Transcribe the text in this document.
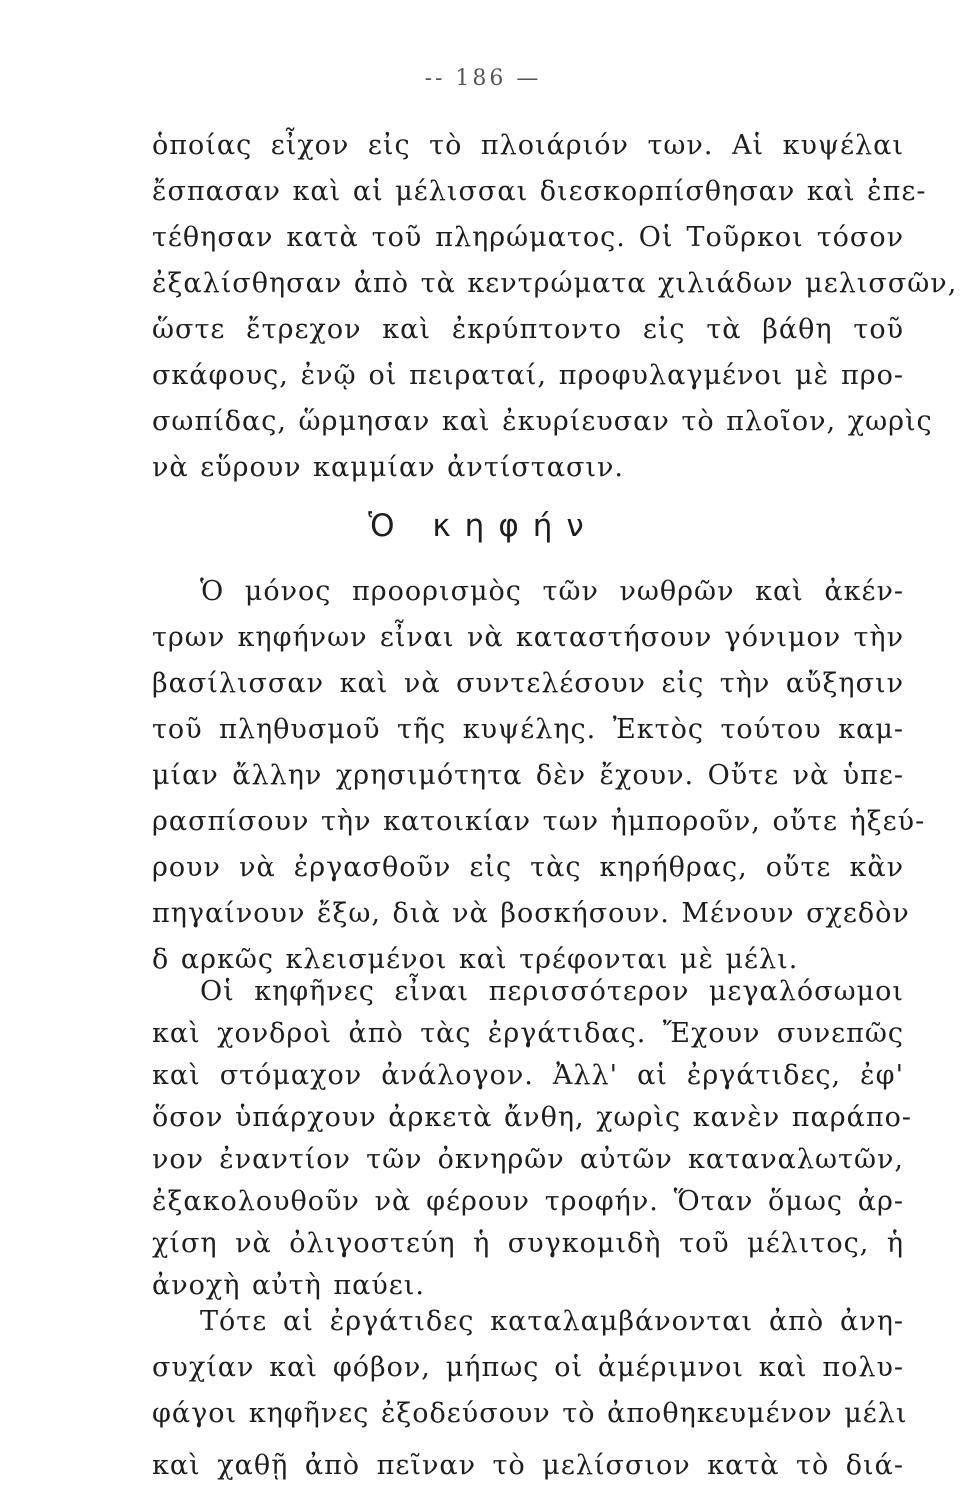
-- 186 —
ὁποίας εἶχον εἰς τὸ πλοιάριόν των. Αἱ κυψέλαι
ἔσπασαν καὶ αἱ μέλισσαι διεσκορπίσθησαν καὶ ἐπε-
τέθησαν κατὰ τοῦ πληρώματος. Οἱ Τοῦρκοι τόσον
ἐξαλίσθησαν ἀπὸ τὰ κεντρώματα χιλιάδων μελισσῶν,
ὥστε ἔτρεχον καὶ ἐκρύπτοντο εἰς τὰ βάθη τοῦ
σκάφους, ἐνῷ οἱ πειραταί, προφυλαγμένοι μὲ προ-
σωπίδας, ὥρμησαν καὶ ἐκυρίευσαν τὸ πλοῖον, χωρὶς
νὰ εὕρουν καμμίαν ἀντίστασιν.
Ὁ κηφήν
Ὁ μόνος προορισμὸς τῶν νωθρῶν καὶ ἀκέν-
τρων κηφήνων εἶναι νὰ καταστήσουν γόνιμον τὴν
βασίλισσαν καὶ νὰ συντελέσουν εἰς τὴν αὔξησιν
τοῦ πληθυσμοῦ τῆς κυψέλης. Ἐκτὸς τούτου καμ-
μίαν ἄλλην χρησιμότητα δὲν ἔχουν. Οὔτε νὰ ὑπε-
ρασπίσουν τὴν κατοικίαν των ἠμποροῦν, οὔτε ἠξεύ-
ρουν νὰ ἐργασθοῦν εἰς τὰς κηρήθρας, οὔτε κἂν
πηγαίνουν ἔξω, διὰ νὰ βοσκήσουν. Μένουν σχεδὸν
δ αρκῶς κλεισμένοι καὶ τρέφονται μὲ μέλι.
Οἱ κηφῆνες εἶναι περισσότερον μεγαλόσωμοι
καὶ χονδροὶ ἀπὸ τὰς ἐργάτιδας. Ἔχουν συνεπῶς
καὶ στόμαχον ἀνάλογον. Ἀλλ' αἱ ἐργάτιδες, ἐφ'
ὅσον ὑπάρχουν ἀρκετὰ ἄνθη, χωρὶς κανὲν παράπο-
νον ἐναντίον τῶν ὀκνηρῶν αὐτῶν καταναλωτῶν,
ἐξακολουθοῦν νὰ φέρουν τροφήν. Ὅταν ὅμως ἀρ-
χίση νὰ ὀλιγοστεύη ἡ συγκομιδὴ τοῦ μέλιτος, ἡ
ἀνοχὴ αὐτὴ παύει.
Τότε αἱ ἐργάτιδες καταλαμβάνονται ἀπὸ ἀνη-
συχίαν καὶ φόβον, μήπως οἱ ἀμέριμνοι καὶ πολυ-
φάγοι κηφῆνες ἐξοδεύσουν τὸ ἀποθηκευμένον μέλι
καὶ χαθῇ ἀπὸ πεῖναν τὸ μελίσσιον κατὰ τὸ διά-
